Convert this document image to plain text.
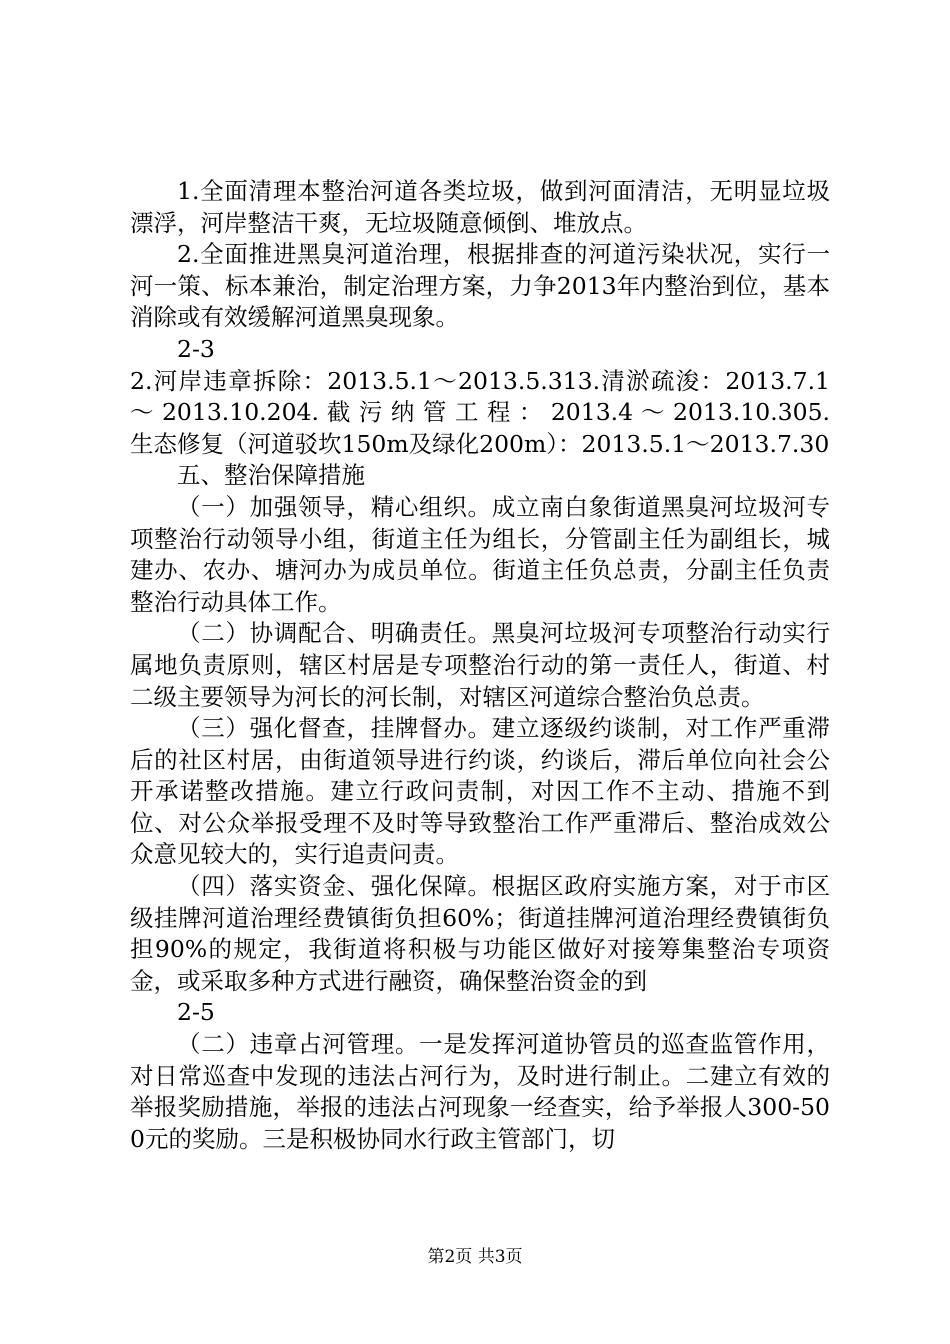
1.全面清理本整治河道各类垃圾，做到河面清洁，无明显垃圾漂浮，河岸整洁干爽，无垃圾随意倾倒、堆放点。

2.全面推进黑臭河道治理，根据排查的河道污染状况，实行一河一策、标本兼治，制定治理方案，力争2013年内整治到位，基本消除或有效缓解河道黑臭现象。

2-3

2.河岸违章拆除：2013.5.1～2013.5.313.清淤疏浚：2013.7.1 ～ 2013.10.204. 截 污 纳 管 工 程 ： 2013.4 ～ 2013.10.305.生态修复（河道驳坎150m及绿化200m）：2013.5.1～2013.7.30

五、整治保障措施

（一）加强领导，精心组织。成立南白象街道黑臭河垃圾河专项整治行动领导小组，街道主任为组长，分管副主任为副组长，城建办、农办、塘河办为成员单位。街道主任负总责，分副主任负责整治行动具体工作。

（二）协调配合、明确责任。黑臭河垃圾河专项整治行动实行属地负责原则，辖区村居是专项整治行动的第一责任人，街道、村二级主要领导为河长的河长制，对辖区河道综合整治负总责。

（三）强化督查，挂牌督办。建立逐级约谈制，对工作严重滞后的社区村居，由街道领导进行约谈，约谈后，滞后单位向社会公开承诺整改措施。建立行政问责制，对因工作不主动、措施不到位、对公众举报受理不及时等导致整治工作严重滞后、整治成效公众意见较大的，实行追责问责。

（四）落实资金、强化保障。根据区政府实施方案，对于市区级挂牌河道治理经费镇街负担60%；街道挂牌河道治理经费镇街负担90%的规定，我街道将积极与功能区做好对接筹集整治专项资金，或采取多种方式进行融资，确保整治资金的到

2-5

（二）违章占河管理。一是发挥河道协管员的巡查监管作用，对日常巡查中发现的违法占河行为，及时进行制止。二建立有效的举报奖励措施，举报的违法占河现象一经查实，给予举报人300-500元的奖励。三是积极协同水行政主管部门，切

第2页 共3页
